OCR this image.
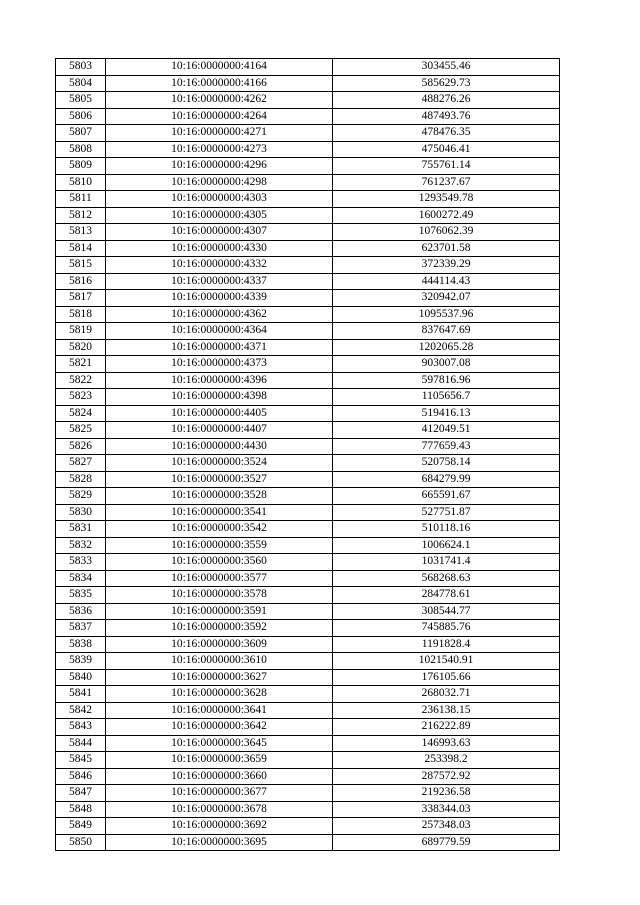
5803	10:16:0000000:4164	303455.46
5804	10:16:0000000:4166	585629.73
5805	10:16:0000000:4262	488276.26
5806	10:16:0000000:4264	487493.76
5807	10:16:0000000:4271	478476.35
5808	10:16:0000000:4273	475046.41
5809	10:16:0000000:4296	755761.14
5810	10:16:0000000:4298	761237.67
5811	10:16:0000000:4303	1293549.78
5812	10:16:0000000:4305	1600272.49
5813	10:16:0000000:4307	1076062.39
5814	10:16:0000000:4330	623701.58
5815	10:16:0000000:4332	372339.29
5816	10:16:0000000:4337	444114.43
5817	10:16:0000000:4339	320942.07
5818	10:16:0000000:4362	1095537.96
5819	10:16:0000000:4364	837647.69
5820	10:16:0000000:4371	1202065.28
5821	10:16:0000000:4373	903007.08
5822	10:16:0000000:4396	597816.96
5823	10:16:0000000:4398	1105656.7
5824	10:16:0000000:4405	519416.13
5825	10:16:0000000:4407	412049.51
5826	10:16:0000000:4430	777659.43
5827	10:16:0000000:3524	520758.14
5828	10:16:0000000:3527	684279.99
5829	10:16:0000000:3528	665591.67
5830	10:16:0000000:3541	527751.87
5831	10:16:0000000:3542	510118.16
5832	10:16:0000000:3559	1006624.1
5833	10:16:0000000:3560	1031741.4
5834	10:16:0000000:3577	568268.63
5835	10:16:0000000:3578	284778.61
5836	10:16:0000000:3591	308544.77
5837	10:16:0000000:3592	745885.76
5838	10:16:0000000:3609	1191828.4
5839	10:16:0000000:3610	1021540.91
5840	10:16:0000000:3627	176105.66
5841	10:16:0000000:3628	268032.71
5842	10:16:0000000:3641	236138.15
5843	10:16:0000000:3642	216222.89
5844	10:16:0000000:3645	146993.63
5845	10:16:0000000:3659	253398.2
5846	10:16:0000000:3660	287572.92
5847	10:16:0000000:3677	219236.58
5848	10:16:0000000:3678	338344.03
5849	10:16:0000000:3692	257348.03
5850	10:16:0000000:3695	689779.59
